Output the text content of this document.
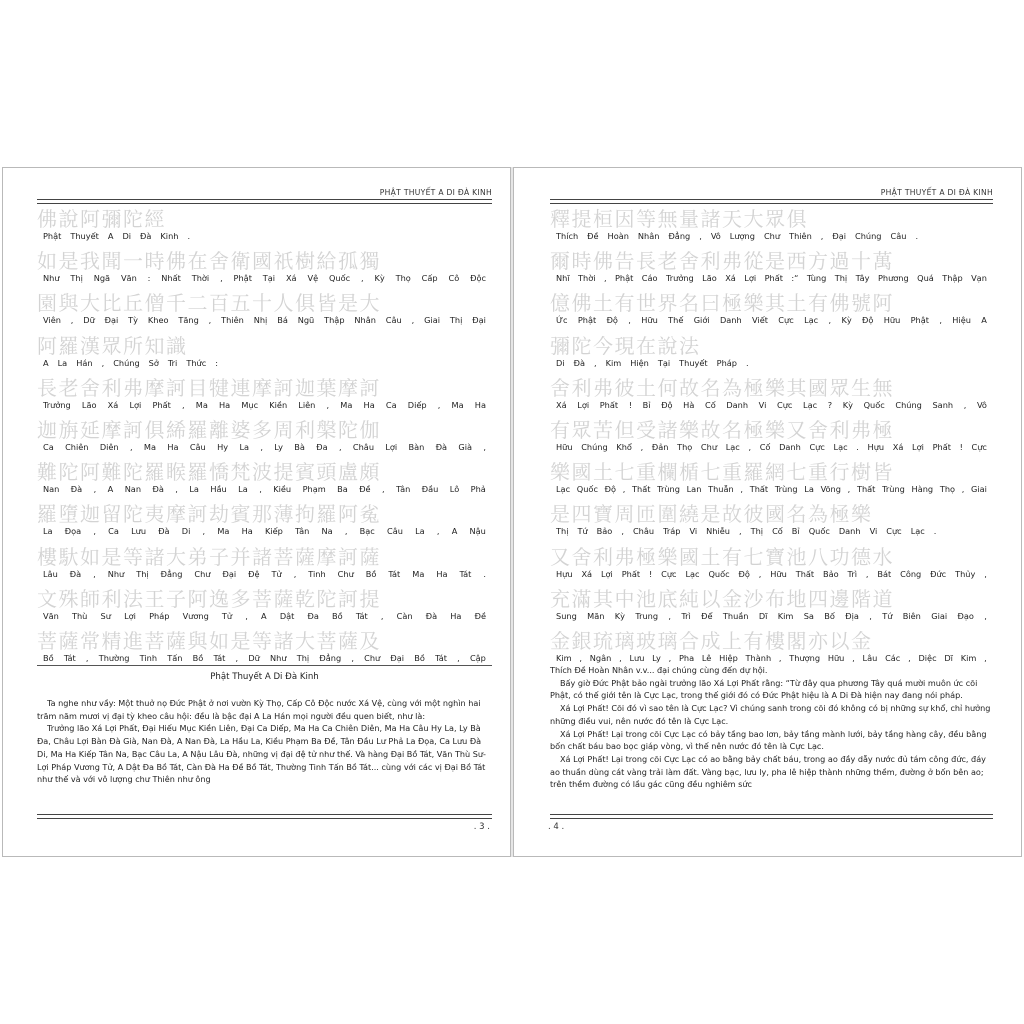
PHẬT THUYẾT A DI ĐÀ KINH
佛說阿彌陀經
Phật Thuyết A Di Đà Kinh .
如是我聞一時佛在舍衛國祇樹給孤獨
Như Thị Ngã Văn : Nhất Thời , Phật Tại Xá Vệ Quốc , Kỳ Thọ Cấp Cô Độc
園與大比丘僧千二百五十人俱皆是大
Viên , Dữ Đại Tỳ Kheo Tăng , Thiên Nhị Bá Ngũ Thập Nhân Câu , Giai Thị Đại
阿羅漢眾所知識
A La Hán , Chúng Sở Tri Thức :
長老舍利弗摩訶目犍連摩訶迦葉摩訶
Trưởng Lão Xá Lợi Phất , Ma Ha Mục Kiền Liên , Ma Ha Ca Diếp , Ma Ha
迦旃延摩訶俱絺羅離婆多周利槃陀伽
Ca Chiên Diên , Ma Ha Câu Hy La , Ly Bà Đa , Châu Lợi Bàn Đà Già ,
難陀阿難陀羅睺羅憍梵波提賓頭盧頗
Nan Đà , A Nan Đà , La Hầu La , Kiều Phạm Ba Đề , Tân Đầu Lô Phả
羅墮迦留陀夷摩訶劫賓那薄拘羅阿㝹
La Đọa , Ca Lưu Đà Di , Ma Ha Kiếp Tân Na , Bạc Câu La , A Nậu
樓馱如是等諸大弟子并諸菩薩摩訶薩
Lâu Đà , Như Thị Đẳng Chư Đại Đệ Tử , Tinh Chư Bồ Tát Ma Ha Tát .
文殊師利法王子阿逸多菩薩乾陀訶提
Văn Thù Sư Lợi Pháp Vương Tử , A Dật Đa Bồ Tát , Càn Đà Ha Đề
菩薩常精進菩薩與如是等諸大菩薩及
Bồ Tát , Thường Tinh Tấn Bồ Tát , Dữ Như Thị Đẳng , Chư Đại Bồ Tát , Cập
Phật Thuyết A Di Đà Kinh

Ta nghe như vầy: Một thuở nọ Đức Phật ở nơi vườn Kỳ Thọ, Cấp Cô Độc nước Xá Vệ, cùng với một nghìn hai trăm năm mươi vị đại tỳ kheo câu hội: đều là bậc đại A La Hán mọi người đều quen biết, như là:

Trưởng lão Xá Lợi Phất, Đại Hiếu Mục Kiền Liên, Đại Ca Diếp, Ma Ha Ca Chiên Diên, Ma Ha Câu Hy La, Ly Bà Đa, Châu Lợi Bàn Đà Già, Nan Đà, A Nan Đà, La Hầu La, Kiều Phạm Ba Đề, Tân Đầu Lư Phả La Đọa, Ca Lưu Đà Di, Ma Ha Kiếp Tân Na, Bạc Câu La, A Nậu Lâu Đà, những vị đại đệ tử như thế. Và hàng Đại Bồ Tát, Văn Thù Sư-Lợi Pháp Vương Tử, A Dật Đa Bồ Tát, Càn Đà Ha Đề Bồ Tát, Thường Tinh Tấn Bồ Tát... cùng với các vị Đại Bồ Tát như thế và với vô lượng chư Thiên như ông

. 3 .
PHẬT THUYẾT A DI ĐÀ KINH
釋提桓因等無量諸天大眾俱
Thích Đề Hoàn Nhân Đẳng , Vô Lượng Chư Thiên , Đại Chúng Câu .
爾時佛告長老舍利弗從是西方過十萬
Nhĩ Thời , Phật Cáo Trưởng Lão Xá Lợi Phất :“ Tùng Thị Tây Phương Quá Thập Vạn
億佛土有世界名曰極樂其土有佛號阿
Ức Phật Độ , Hữu Thế Giới Danh Viết Cực Lạc , Kỳ Độ Hữu Phật , Hiệu A
彌陀今現在說法
Di Đà , Kim Hiện Tại Thuyết Pháp .
舍利弗彼土何故名為極樂其國眾生無
Xá Lợi Phất ! Bỉ Độ Hà Cố Danh Vi Cực Lạc ? Kỳ Quốc Chúng Sanh , Vô
有眾苦但受諸樂故名極樂又舍利弗極
Hữu Chúng Khổ , Đản Thọ Chư Lạc , Cố Danh Cực Lạc . Hựu Xá Lợi Phất ! Cực
樂國土七重欄楯七重羅網七重行樹皆
Lạc Quốc Độ , Thất Trùng Lan Thuẫn , Thất Trùng La Võng , Thất Trùng Hàng Thọ , Giai
是四寶周匝圍繞是故彼國名為極樂
Thị Tứ Bảo , Châu Tráp Vi Nhiễu , Thị Cố Bỉ Quốc Danh Vi Cực Lạc .
又舍利弗極樂國土有七寶池八功德水
Hựu Xá Lợi Phất ! Cực Lạc Quốc Độ , Hữu Thất Bảo Trì , Bát Công Đức Thủy ,
充滿其中池底純以金沙布地四邊階道
Sung Mãn Kỳ Trung , Trì Để Thuần Dĩ Kim Sa Bố Địa , Tứ Biên Giai Đạo ,
金銀琉璃玻璃合成上有樓閣亦以金
Kim , Ngân , Lưu Ly , Pha Lê Hiệp Thành , Thượng Hữu , Lâu Các , Diệc Dĩ Kim ,

Thích Đề Hoàn Nhân v.v... đại chúng cùng đến dự hội.

Bấy giờ Đức Phật bảo ngài trưởng lão Xá Lợi Phất rằng: “Từ đây qua phương Tây quá mười muôn ức cõi Phật, có thế giới tên là Cực Lạc, trong thế giới đó có Đức Phật hiệu là A Di Đà hiện nay đang nói pháp.

Xá Lợi Phất! Cõi đó vì sao tên là Cực Lạc? Vì chúng sanh trong cõi đó không có bị những sự khổ, chỉ hưởng những điều vui, nên nước đó tên là Cực Lạc.

Xá Lợi Phất! Lại trong cõi Cực Lạc có bảy tầng bao lơn, bảy tầng mành lưới, bảy tầng hàng cây, đều bằng bốn chất báu bao bọc giáp vòng, vì thế nên nước đó tên là Cực Lạc.

Xá Lợi Phất! Lại trong cõi Cực Lạc có ao bằng bảy chất báu, trong ao đầy dẫy nước đủ tám công đức, đáy ao thuần dùng cát vàng trải làm đất. Vàng bạc, lưu ly, pha lê hiệp thành những thềm, đường ở bốn bên ao; trên thềm đường có lầu gác cũng đều nghiêm sức

. 4 .
